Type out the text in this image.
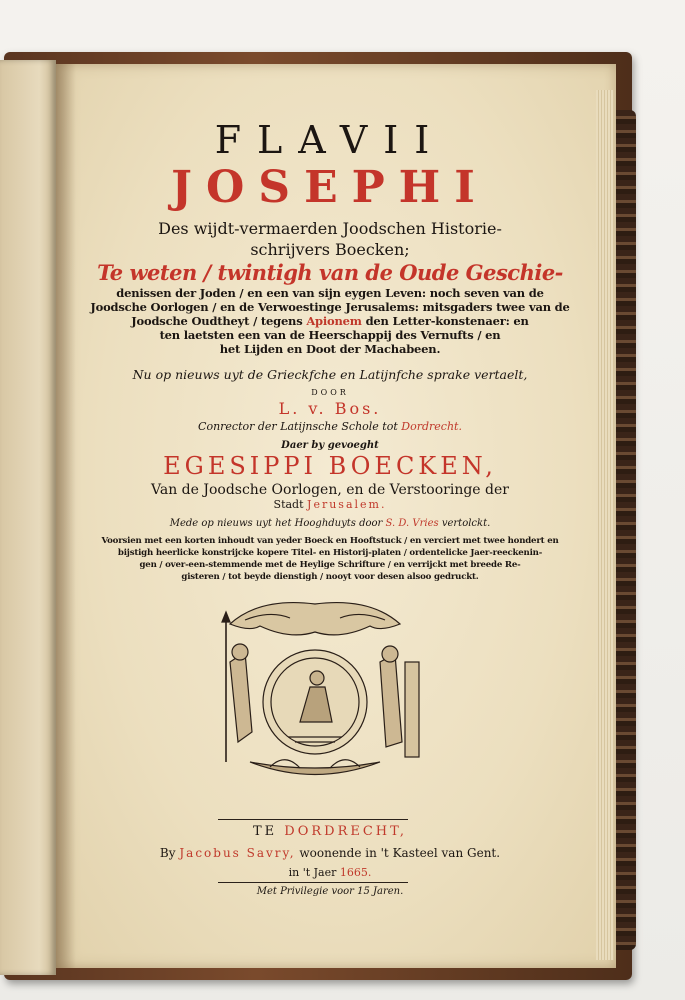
FLAVII
JOSEPHI
Des wijdt-vermaerden Joodschen Historie-
schrijvers Boecken;
Te weten / twintigh van de Oude Geschie-
denissen der Joden / en een van sijn eygen Leven: noch seven van de
Joodsche Oorlogen / en de Verwoestinge Jerusalems: mitsgaders twee van de
Joodsche Oudtheyt / tegens Apionem den Letter-konstenaer: en
ten laetsten een van de Heerschappij des Vernufts / en
het Lijden en Doot der Machabeen.
Nu op nieuws uyt de Grieckfche en Latijnfche sprake vertaelt,
DOOR
L. v. Bos.
Conrector der Latijnsche Schole tot Dordrecht.
Daer by gevoeght
EGESIPPI BOECKEN,
Van de Joodsche Oorlogen, en de Verstooringe der
Stadt Jerusalem.
Mede op nieuws uyt het Hooghduyts door S. D. Vries vertolckt.
Voorsien met een korten inhoudt van yeder Boeck en Hooftstuck / en verciert met twee hondert en
bijstigh heerlicke konstrijcke kopere Titel- en Historij-platen / ordentelicke Jaer-reeckenin-
gen / over-een-stemmende met de Heylige Schrifture / en verrijckt met breede Re-
gisteren / tot beyde dienstigh / nooyt voor desen alsoo gedruckt.
TE DORDRECHT,
By Jacobus Savry, woonende in 't Kasteel van Gent.
in 't Jaer 1665.
Met Privilegie voor 15 Jaren.
